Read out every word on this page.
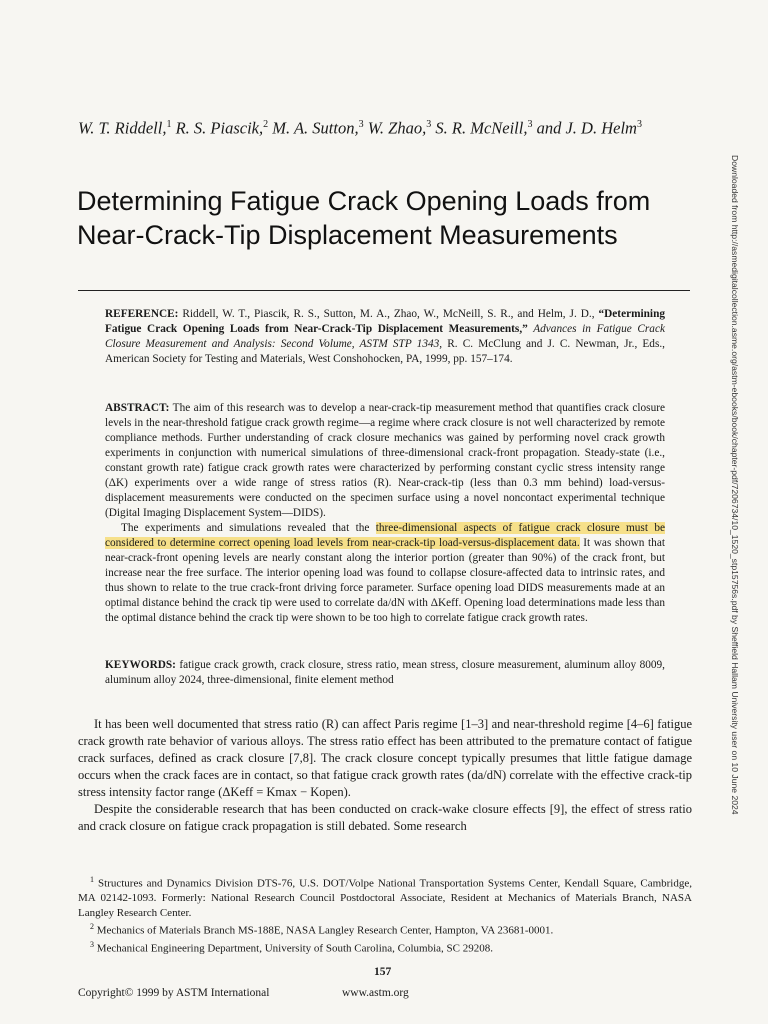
W. T. Riddell,$^1$ R. S. Piascik,$^2$ M. A. Sutton,$^3$ W. Zhao,$^3$ S. R. McNeill,$^3$ and J. D. Helm$^3$
Determining Fatigue Crack Opening Loads from Near-Crack-Tip Displacement Measurements
REFERENCE: Riddell, W. T., Piascik, R. S., Sutton, M. A., Zhao, W., McNeill, S. R., and Helm, J. D., “Determining Fatigue Crack Opening Loads from Near-Crack-Tip Displacement Measurements,” Advances in Fatigue Crack Closure Measurement and Analysis: Second Volume, ASTM STP 1343, R. C. McClung and J. C. Newman, Jr., Eds., American Society for Testing and Materials, West Conshohocken, PA, 1999, pp. 157–174.

ABSTRACT: The aim of this research was to develop a near-crack-tip measurement method that quantifies crack closure levels in the near-threshold fatigue crack growth regime—a regime where crack closure is not well characterized by remote compliance methods. Further understanding of crack closure mechanics was gained by performing novel crack growth experiments in conjunction with numerical simulations of three-dimensional crack-front propagation. Steady-state (i.e., constant growth rate) fatigue crack growth rates were characterized by performing constant cyclic stress intensity range (ΔK) experiments over a wide range of stress ratios (R). Near-crack-tip (less than 0.3 mm behind) load-versus-displacement measurements were conducted on the specimen surface using a novel noncontact experimental technique (Digital Imaging Displacement System—DIDS).

The experiments and simulations revealed that the three-dimensional aspects of fatigue crack closure must be considered to determine correct opening load levels from near-crack-tip load-versus-displacement data. It was shown that near-crack-front opening levels are nearly constant along the interior portion (greater than 90%) of the crack front, but increase near the free surface. The interior opening load was found to collapse closure-affected data to intrinsic rates, and thus shown to relate to the true crack-front driving force parameter. Surface opening load DIDS measurements made at an optimal distance behind the crack tip were used to correlate da/dN with ΔKeff. Opening load determinations made less than the optimal distance behind the crack tip were shown to be too high to correlate fatigue crack growth rates.

KEYWORDS: fatigue crack growth, crack closure, stress ratio, mean stress, closure measurement, aluminum alloy 8009, aluminum alloy 2024, three-dimensional, finite element method

It has been well documented that stress ratio (R) can affect Paris regime [1–3] and near-threshold regime [4–6] fatigue crack growth rate behavior of various alloys. The stress ratio effect has been attributed to the premature contact of fatigue crack surfaces, defined as crack closure [7,8]. The crack closure concept typically presumes that little fatigue damage occurs when the crack faces are in contact, so that fatigue crack growth rates (da/dN) correlate with the effective crack-tip stress intensity factor range (ΔKeff = Kmax − Kopen).

Despite the considerable research that has been conducted on crack-wake closure effects [9], the effect of stress ratio and crack closure on fatigue crack propagation is still debated. Some research

$^1$ Structures and Dynamics Division DTS-76, U.S. DOT/Volpe National Transportation Systems Center, Kendall Square, Cambridge, MA 02142-1093. Formerly: National Research Council Postdoctoral Associate, Resident at Mechanics of Materials Branch, NASA Langley Research Center.

$^2$ Mechanics of Materials Branch MS-188E, NASA Langley Research Center, Hampton, VA 23681-0001.

$^3$ Mechanical Engineering Department, University of South Carolina, Columbia, SC 29208.

157
Copyright© 1999 by ASTM International	www.astm.org
Downloaded from http://asmedigitalcollection.asme.org/astm-ebooks/book/chapter-pdf/7206734/10_1520_stp15756s.pdf by Sheffield Hallam University user on 10 June 2024
